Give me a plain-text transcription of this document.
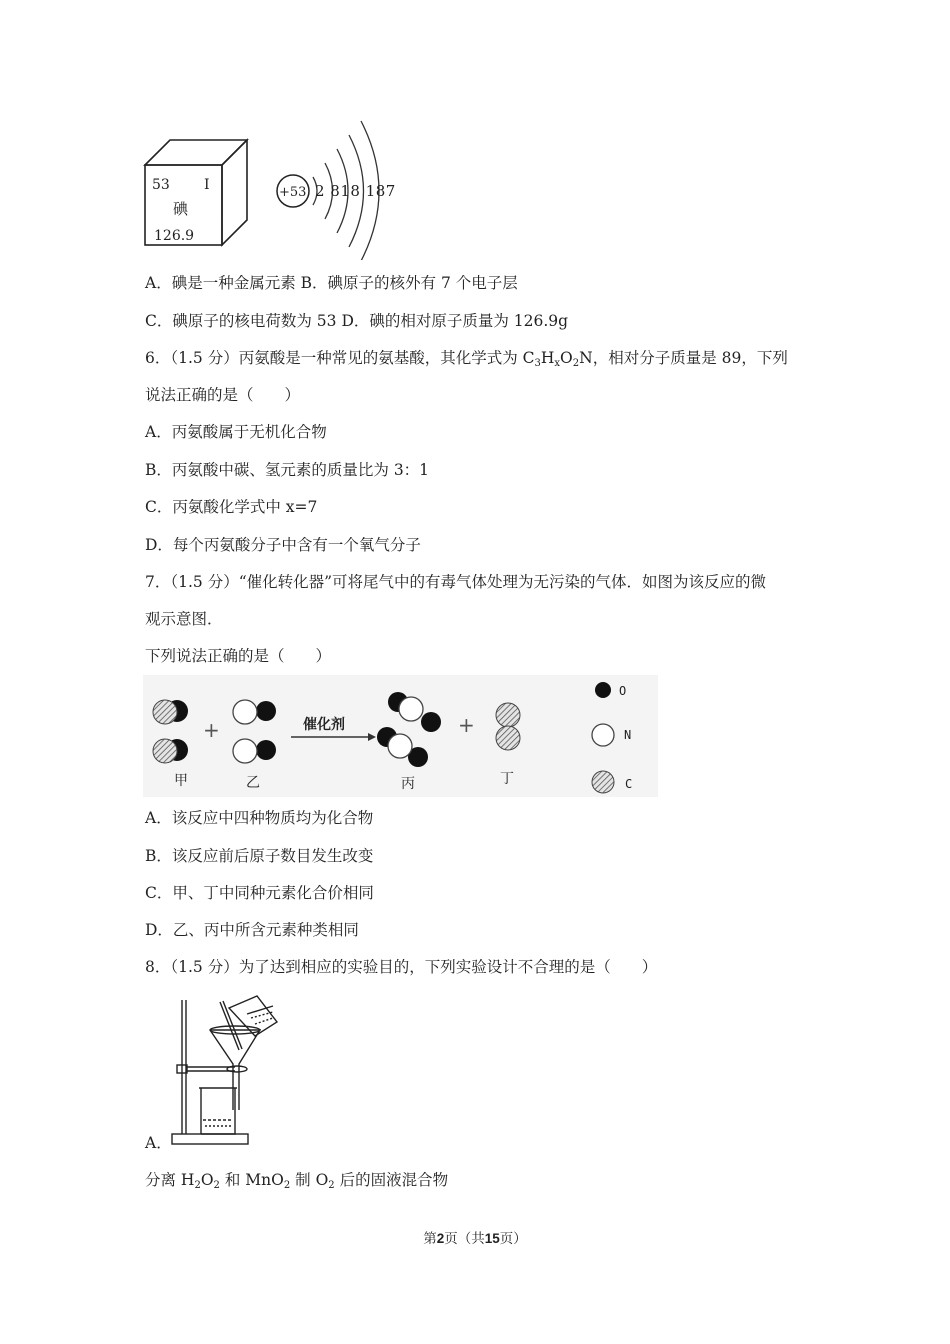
53 I
碘
126.9
+53 2 818 187
A．碘是一种金属元素 B．碘原子的核外有 7 个电子层
C．碘原子的核电荷数为 53 D．碘的相对原子质量为 126.9g
6．（1.5 分）丙氨酸是一种常见的氨基酸，其化学式为 $C_3H_xO_2N$，相对分子质量是 89，下列
说法正确的是（　　）
A．丙氨酸属于无机化合物
B．丙氨酸中碳、氢元素的质量比为 3：1
C．丙氨酸化学式中 x=7
D．每个丙氨酸分子中含有一个氧气分子
7．（1.5 分）“催化转化器”可将尾气中的有毒气体处理为无污染的气体．如图为该反应的微
观示意图．
下列说法正确的是（　　）
+	催化剂	+
甲	乙	丙	丁
O
N
C
A．该反应中四种物质均为化合物
B．该反应前后原子数目发生改变
C．甲、丁中同种元素化合价相同
D．乙、丙中所含元素种类相同
8．（1.5 分）为了达到相应的实验目的，下列实验设计不合理的是（　　）
A．
分离 $H_2O_2$ 和 MnO$_2$ 制 $O_2$ 后的固液混合物
第2页（共15页）
